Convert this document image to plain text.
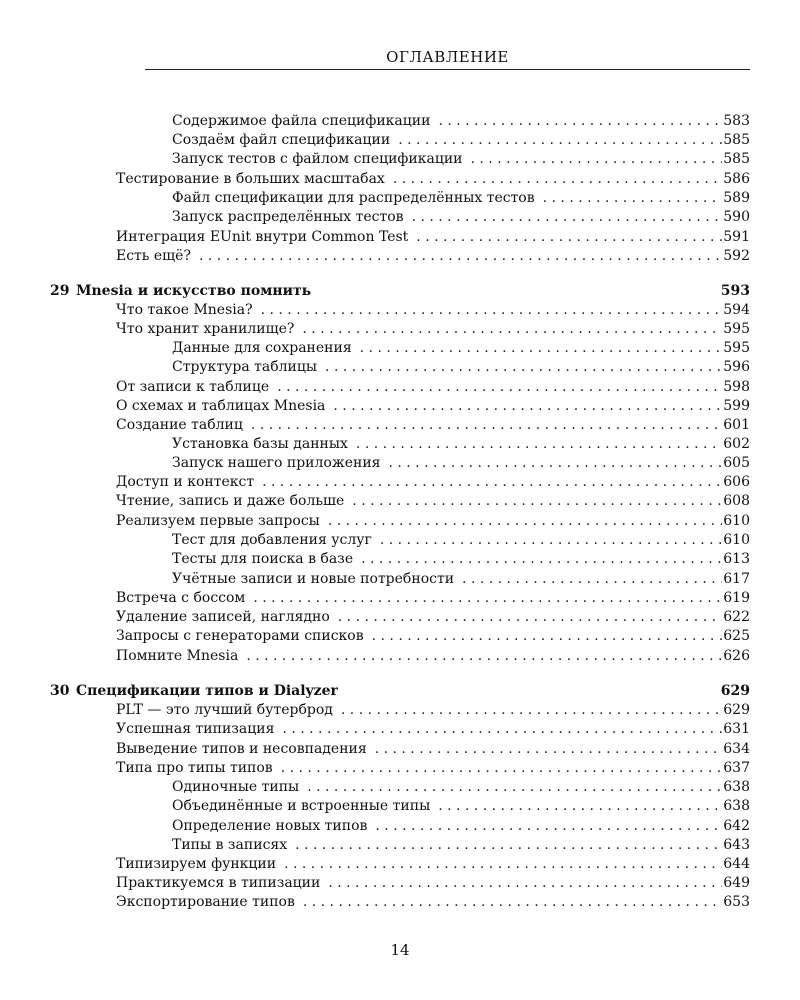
ОГЛАВЛЕНИЕ
Содержимое файла спецификации . . .	583
Создаём файл спецификации . . .	585
Запуск тестов с файлом спецификации . . .	585
Тестирование в больших масштабах . . .	586
Файл спецификации для распределённых тестов . . .	589
Запуск распределённых тестов . . .	590
Интеграция EUnit внутри Common Test . . .	591
Есть ещё? . . .	592
29 Mnesia и искусство помнить	593
Что такое Mnesia? . . .	594
Что хранит хранилище? . . .	595
Данные для сохранения . . .	595
Структура таблицы . . .	596
От записи к таблице . . .	598
О схемах и таблицах Mnesia . . .	599
Создание таблиц . . .	601
Установка базы данных . . .	602
Запуск нашего приложения . . .	605
Доступ и контекст . . .	606
Чтение, запись и даже больше . . .	608
Реализуем первые запросы . . .	610
Тест для добавления услуг . . .	610
Тесты для поиска в базе . . .	613
Учётные записи и новые потребности . . .	617
Встреча с боссом . . .	619
Удаление записей, наглядно . . .	622
Запросы с генераторами списков . . .	625
Помните Mnesia . . .	626
30 Спецификации типов и Dialyzer	629
PLT — это лучший бутерброд . . .	629
Успешная типизация . . .	631
Выведение типов и несовпадения . . .	634
Типа про типы типов . . .	637
Одиночные типы . . .	638
Объединённые и встроенные типы . . .	638
Определение новых типов . . .	642
Типы в записях . . .	643
Типизируем функции . . .	644
Практикуемся в типизации . . .	649
Экспортирование типов . . .	653
14
